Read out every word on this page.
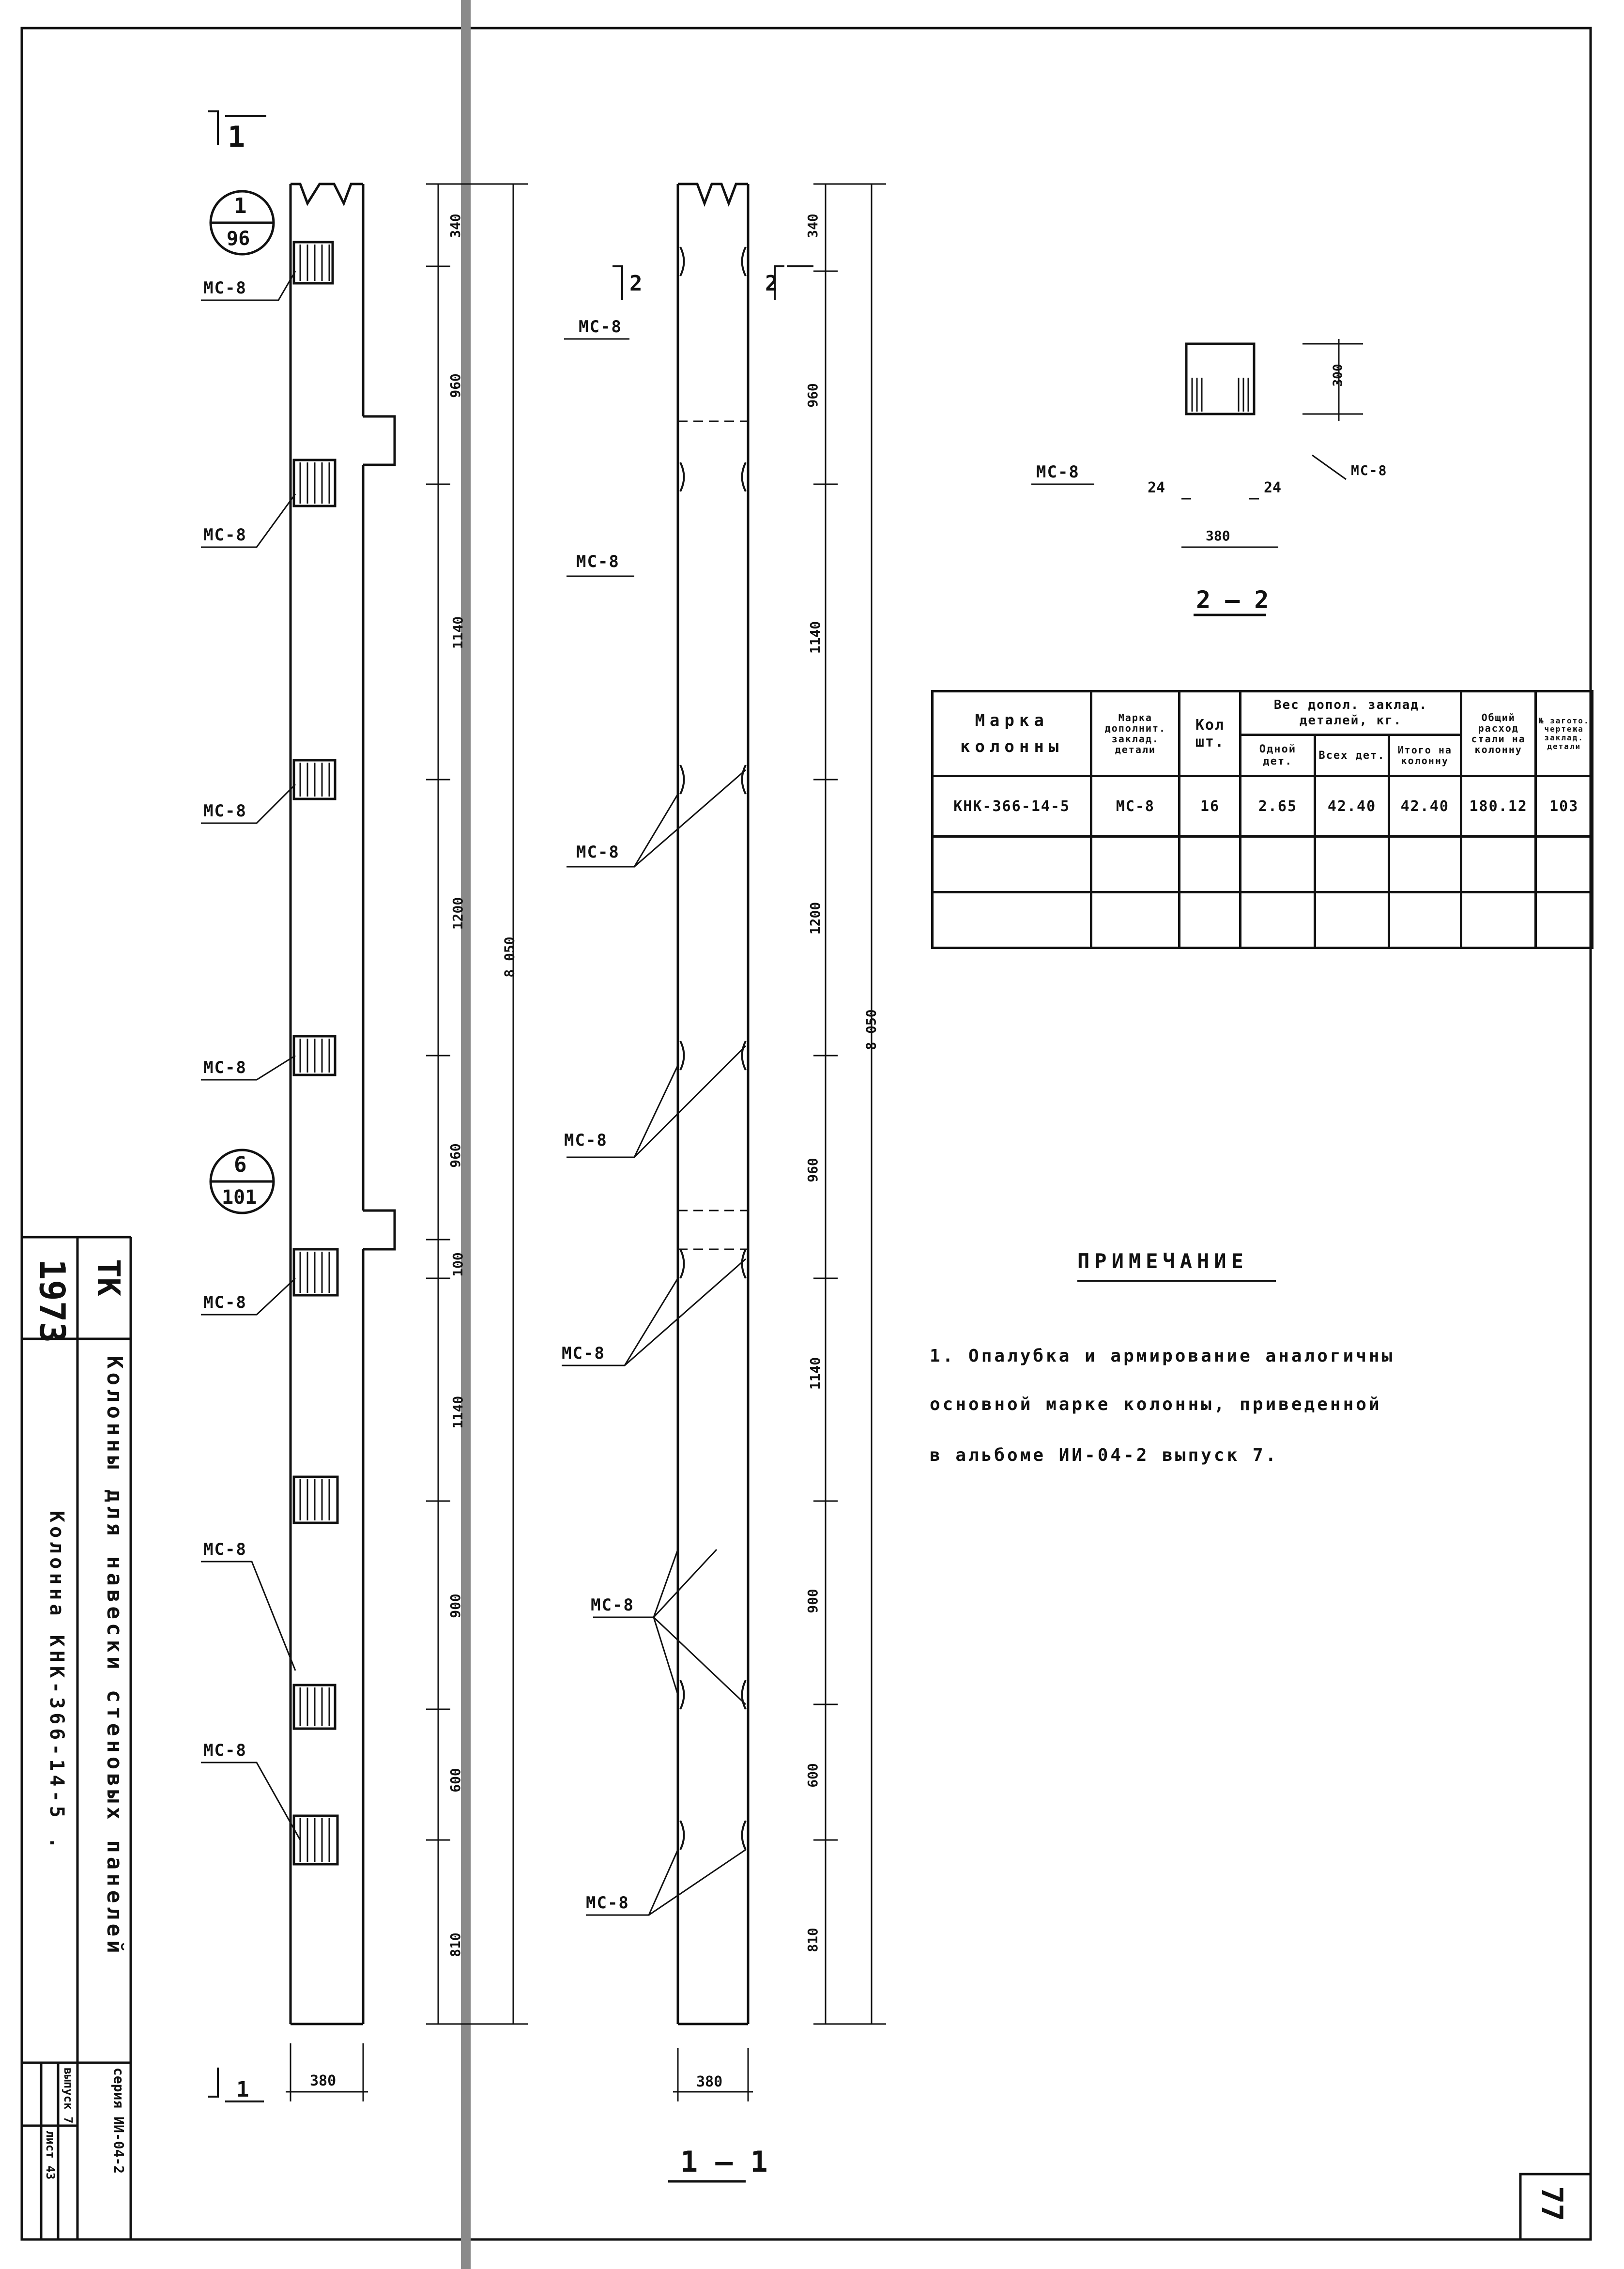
1973 ТК
Колонны для навески стеновых панелей
Колонна КНК-366-14-5 .
серия ИИ-04-2
выпуск 7
лист 43
77
1
1
96
6
101
МС-8
МС-8
МС-8
МС-8
МС-8
МС-8
МС-8
340
960
1140
1200
960
100
1140
900
600
810
8 050
380
1
2	2
МС-8
МС-8
МС-8
МС-8
МС-8
МС-8
МС-8
340
960
1140
1200
960
1140
900
600
810
8 050
380
1 — 1
300
МС-8	МС-8
24	24
380
2 — 2
Марка колонны	Марка дополнит. заклад. детали	Кол шт.	Вес допол. заклад. деталей, кг.			Общий расход стали на колонну	№ загото. чертежа заклад. детали
			Одной дет.	Всех дет.	Итого на колонну		
КНК-366-14-5	МС-8	16	2.65	42.40	42.40	180.12	103

ПРИМЕЧАНИЕ
1. Опалубка и армирование аналогичны
основной марке колонны, приведенной
в альбоме ИИ-04-2 выпуск 7.
